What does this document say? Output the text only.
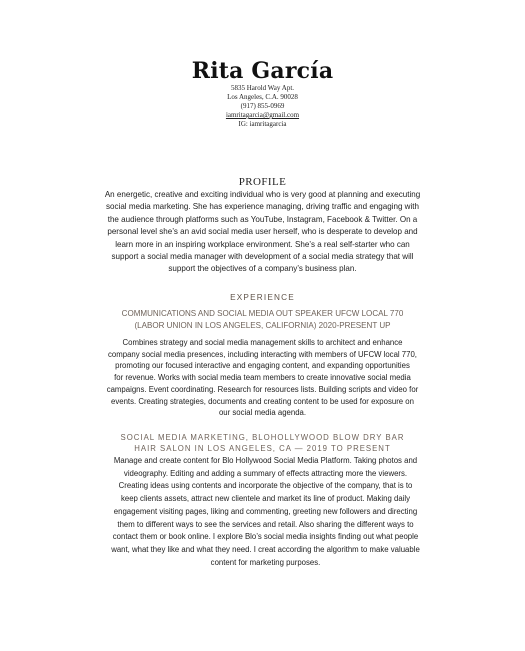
Rita García
5835 Harold Way Apt.
Los Angeles, C.A. 90028
(917) 855-0969
iamritagarcia@gmail.com
IG: iamritagarcia
PROFILE
An energetic, creative and exciting individual who is very good at planning and executing
social media marketing. She has experience managing, driving traffic and engaging with
the audience through platforms such as YouTube, Instagram, Facebook & Twitter. On a
personal level she’s an avid social media user herself, who is desperate to develop and
learn more in an inspiring workplace environment. She’s a real self-starter who can
support a social media manager with development of a social media strategy that will
support the objectives of a company’s business plan.
EXPERIENCE
COMMUNICATIONS AND SOCIAL MEDIA OUT SPEAKER UFCW LOCAL 770
(LABOR UNION IN LOS ANGELES, CALIFORNIA) 2020-PRESENT UP
Combines strategy and social media management skills to architect and enhance
company social media presences, including interacting with members of UFCW local 770,
promoting our focused interactive and engaging content, and expanding opportunities
for revenue. Works with social media team members to create innovative social media
campaigns. Event coordinating. Research for resources lists. Building scripts and video for
events. Creating strategies, documents and creating content to be used for exposure on
our social media agenda.
SOCIAL MEDIA MARKETING, BLOHOLLYWOOD BLOW DRY BAR
HAIR SALON IN LOS ANGELES, CA — 2019 TO PRESENT
Manage and create content for Blo Hollywood Social Media Platform. Taking photos and
videography. Editing and adding a summary of effects attracting more the viewers.
Creating ideas using contents and incorporate the objective of the company, that is to
keep clients assets, attract new clientele and market its line of product. Making daily
engagement visiting pages, liking and commenting, greeting new followers and directing
them to different ways to see the services and retail. Also sharing the different ways to
contact them or book online. I explore Blo’s social media insights finding out what people
want, what they like and what they need. I creat according the algorithm to make valuable
content for marketing purposes.
